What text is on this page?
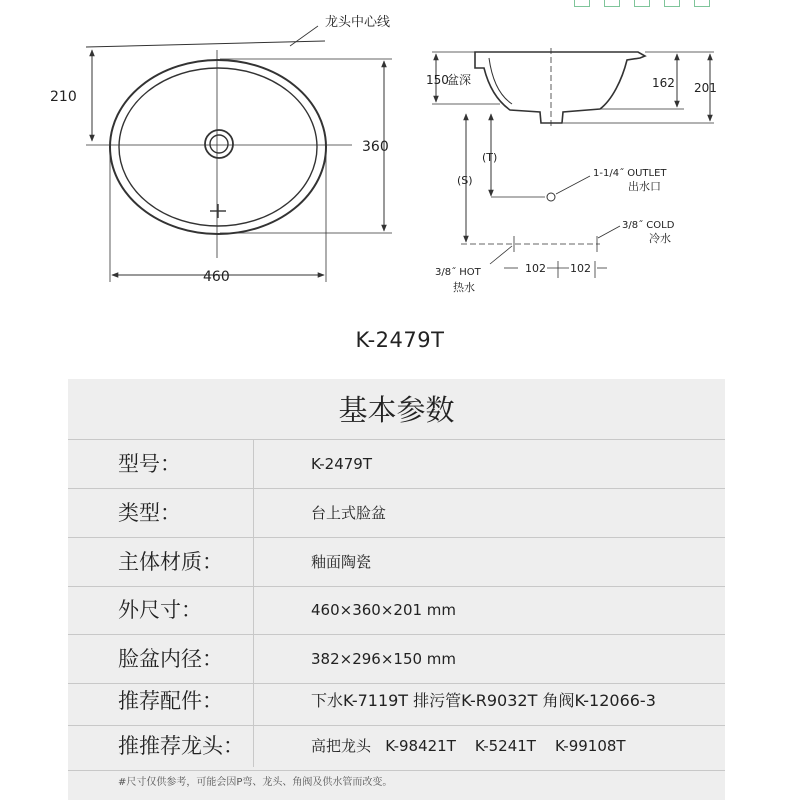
龙头中心线
210
360
460
150
盆深	162 201
(T)
(S)
1-1/4˝ OUTLET
出水口
3/8˝ COLD
冷水
3/8˝ HOT
热水
102 102
K-2479T
基本参数
型号：	K-2479T
类型：	台上式脸盆
主体材质：	釉面陶瓷
外尺寸：	460×360×201 mm
脸盆内径：	382×296×150 mm
推荐配件：	下水K-7119T 排污管K-R9032T 角阀K-12066-3
推推荐龙头：	高把龙头   K-98421T    K-5241T    K-99108T
#尺寸仅供参考，可能会因P弯、龙头、角阀及供水管而改变。
